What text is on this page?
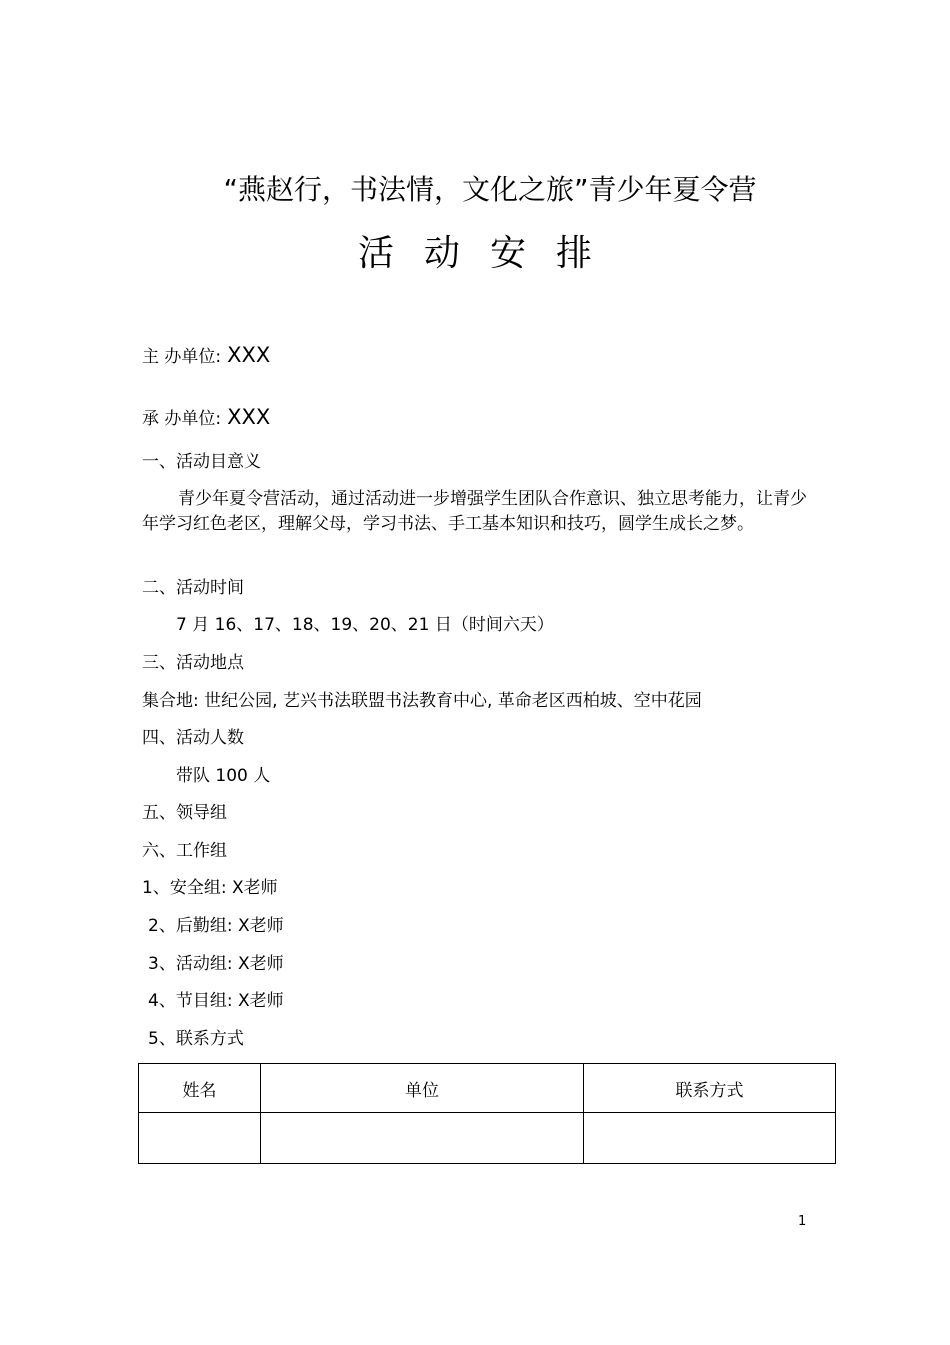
“燕赵行，书法情，文化之旅”青少年夏令营
活动安排
主 办单位: XXX
承 办单位: XXX
一、活动目意义
青少年夏令营活动，通过活动进一步增强学生团队合作意识、独立思考能力，让青少年学习红色老区，理解父母，学习书法、手工基本知识和技巧，圆学生成长之梦。
二、活动时间
7 月 16、17、18、19、20、21 日（时间六天）
三、活动地点
集合地: 世纪公园, 艺兴书法联盟书法教育中心, 革命老区西柏坡、空中花园
四、活动人数
带队 100 人
五、领导组
六、工作组
1、安全组: X老师
2、后勤组: X老师
3、活动组: X老师
4、节目组: X老师
5、联系方式
姓名	单位	联系方式

1
